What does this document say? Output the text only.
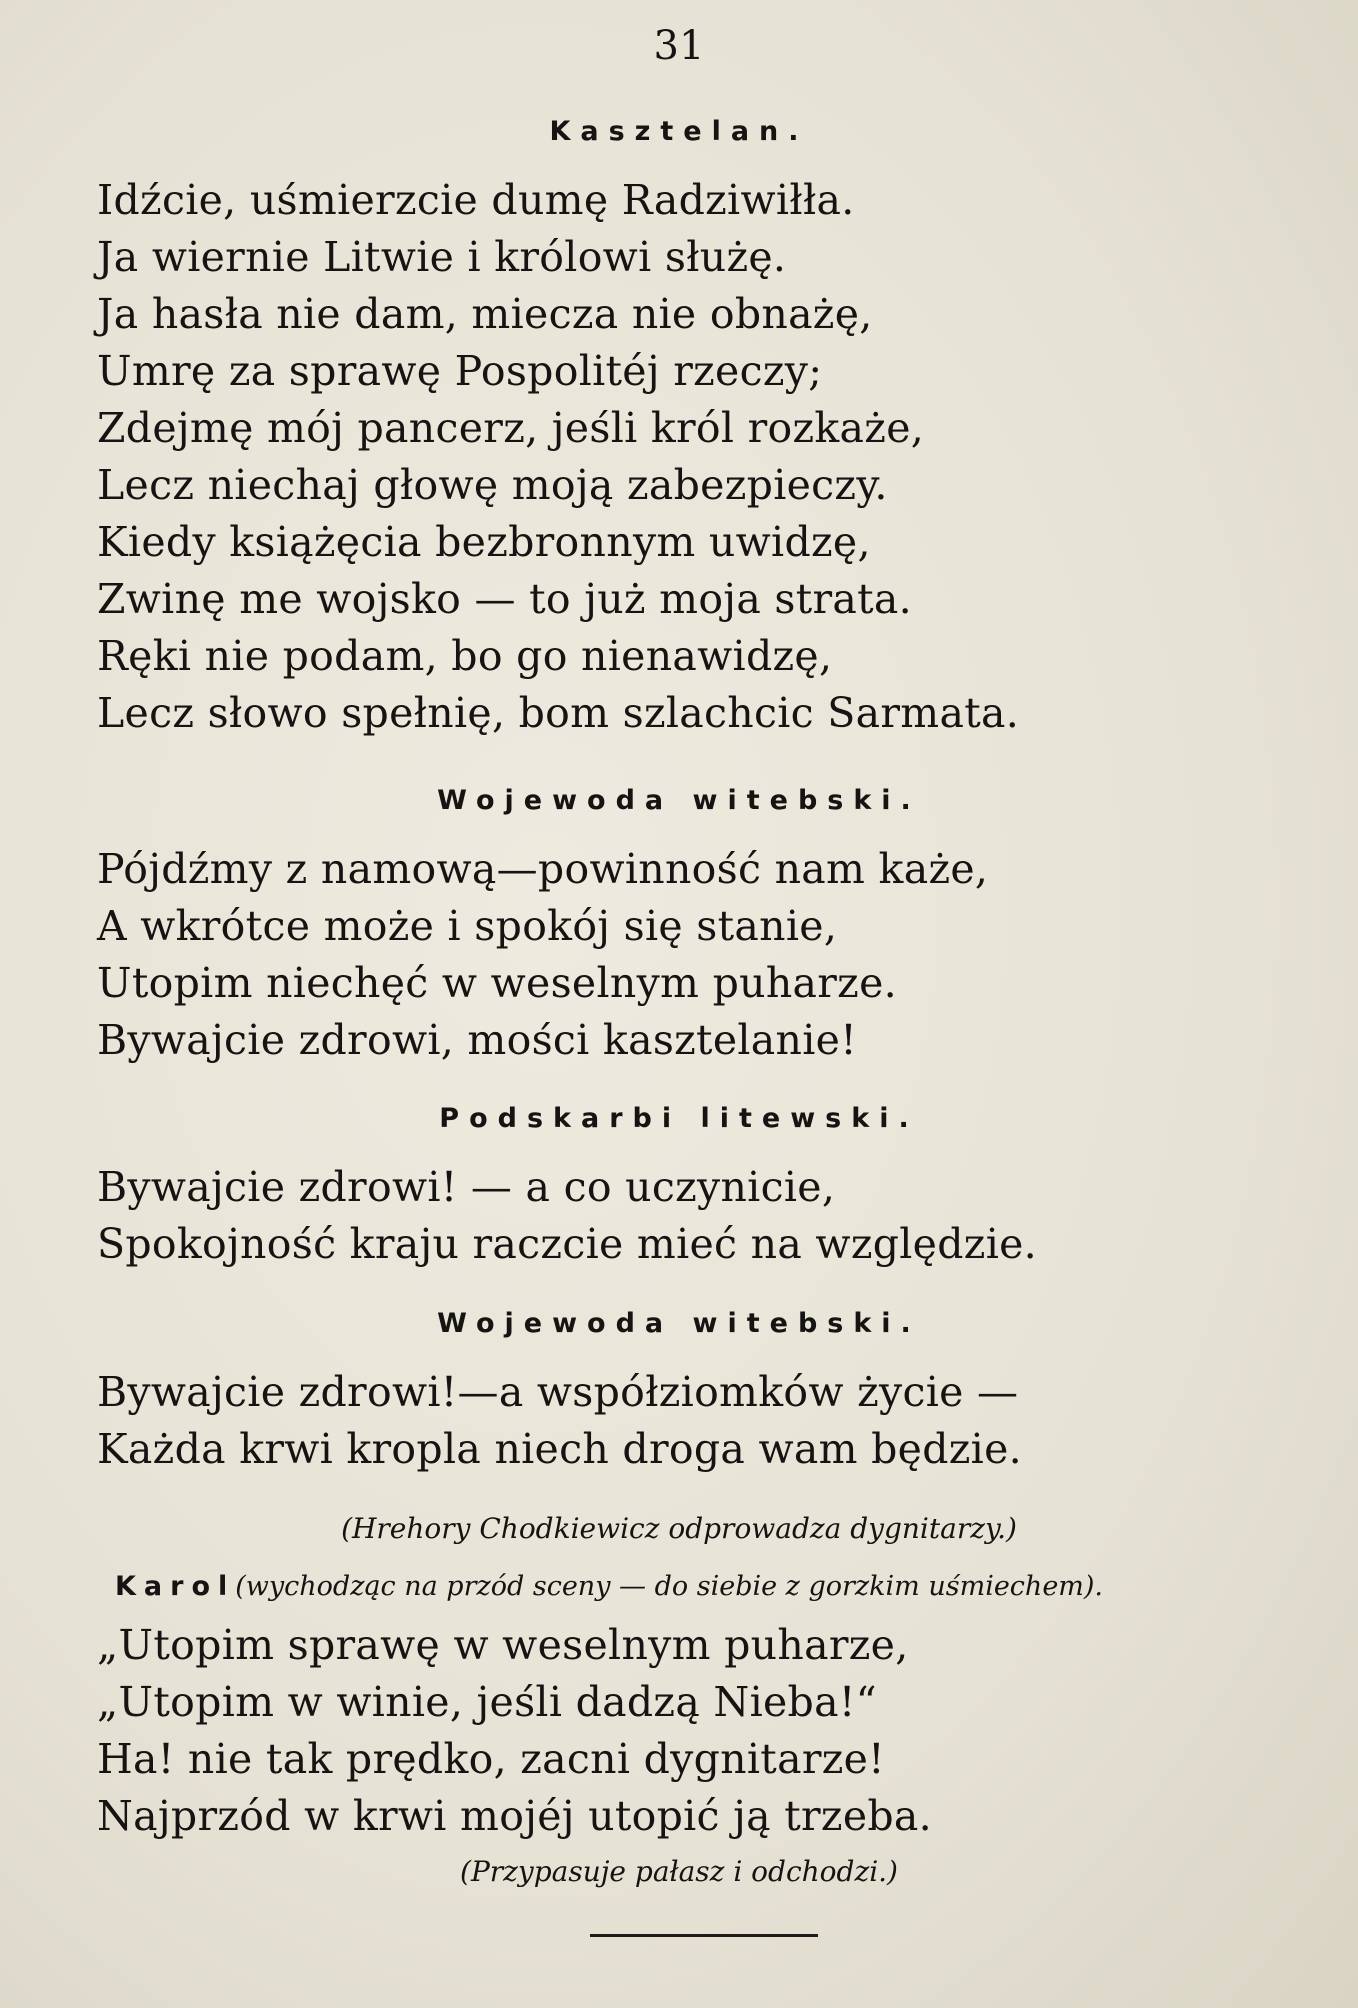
31
Kasztelan.
Idźcie, uśmierzcie dumę Radziwiłła.
Ja wiernie Litwie i królowi służę.
Ja hasła nie dam, miecza nie obnażę,
Umrę za sprawę Pospolitéj rzeczy;
Zdejmę mój pancerz, jeśli król rozkaże,
Lecz niechaj głowę moją zabezpieczy.
Kiedy książęcia bezbronnym uwidzę,
Zwinę me wojsko — to już moja strata.
Ręki nie podam, bo go nienawidzę,
Lecz słowo spełnię, bom szlachcic Sarmata.
Wojewoda witebski.
Pójdźmy z namową—powinność nam każe,
A wkrótce może i spokój się stanie,
Utopim niechęć w weselnym puharze.
Bywajcie zdrowi, mości kasztelanie!
Podskarbi litewski.
Bywajcie zdrowi! — a co uczynicie,
Spokojność kraju raczcie mieć na względzie.
Wojewoda witebski.
Bywajcie zdrowi!—a współziomków życie —
Każda krwi kropla niech droga wam będzie.
(Hrehory Chodkiewicz odprowadza dygnitarzy.)
Karol(wychodząc na przód sceny — do siebie z gorzkim uśmiechem).
„Utopim sprawę w weselnym puharze,
„Utopim w winie, jeśli dadzą Nieba!“
Ha! nie tak prędko, zacni dygnitarze!
Najprzód w krwi mojéj utopić ją trzeba.
(Przypasuje pałasz i odchodzi.)
